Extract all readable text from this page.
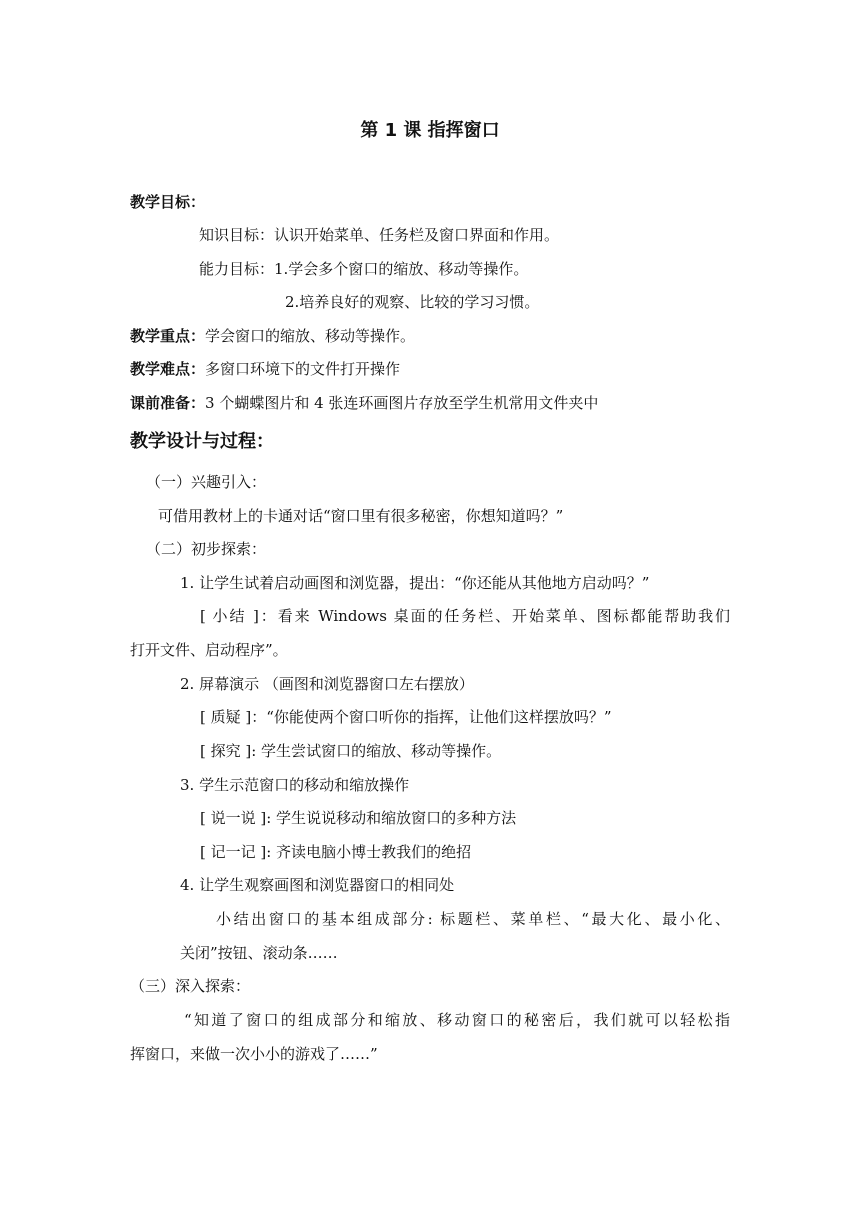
第 1 课 指挥窗口
教学目标：
知识目标：认识开始菜单、任务栏及窗口界面和作用。
能力目标：1.学会多个窗口的缩放、移动等操作。
2.培养良好的观察、比较的学习习惯。
教学重点：学会窗口的缩放、移动等操作。
教学难点：多窗口环境下的文件打开操作
课前准备：3 个蝴蝶图片和 4 张连环画图片存放至学生机常用文件夹中
教学设计与过程：
（一）兴趣引入：
可借用教材上的卡通对话“窗口里有很多秘密，你想知道吗？”
（二）初步探索：
1. 让学生试着启动画图和浏览器，提出：“你还能从其他地方启动吗？”
[ 小结 ]：看来 Windows 桌面的任务栏、开始菜单、图标都能帮助我们
打开文件、启动程序”。
2. 屏幕演示 （画图和浏览器窗口左右摆放）
[ 质疑 ]：“你能使两个窗口听你的指挥，让他们这样摆放吗？”
[ 探究 ]: 学生尝试窗口的缩放、移动等操作。
3. 学生示范窗口的移动和缩放操作
[ 说一说 ]: 学生说说移动和缩放窗口的多种方法
[ 记一记 ]: 齐读电脑小博士教我们的绝招
4. 让学生观察画图和浏览器窗口的相同处
小结出窗口的基本组成部分: 标题栏、菜单栏、“最大化、最小化、
关闭”按钮、滚动条……
（三）深入探索：
“知道了窗口的组成部分和缩放、移动窗口的秘密后，我们就可以轻松指
挥窗口，来做一次小小的游戏了……”
